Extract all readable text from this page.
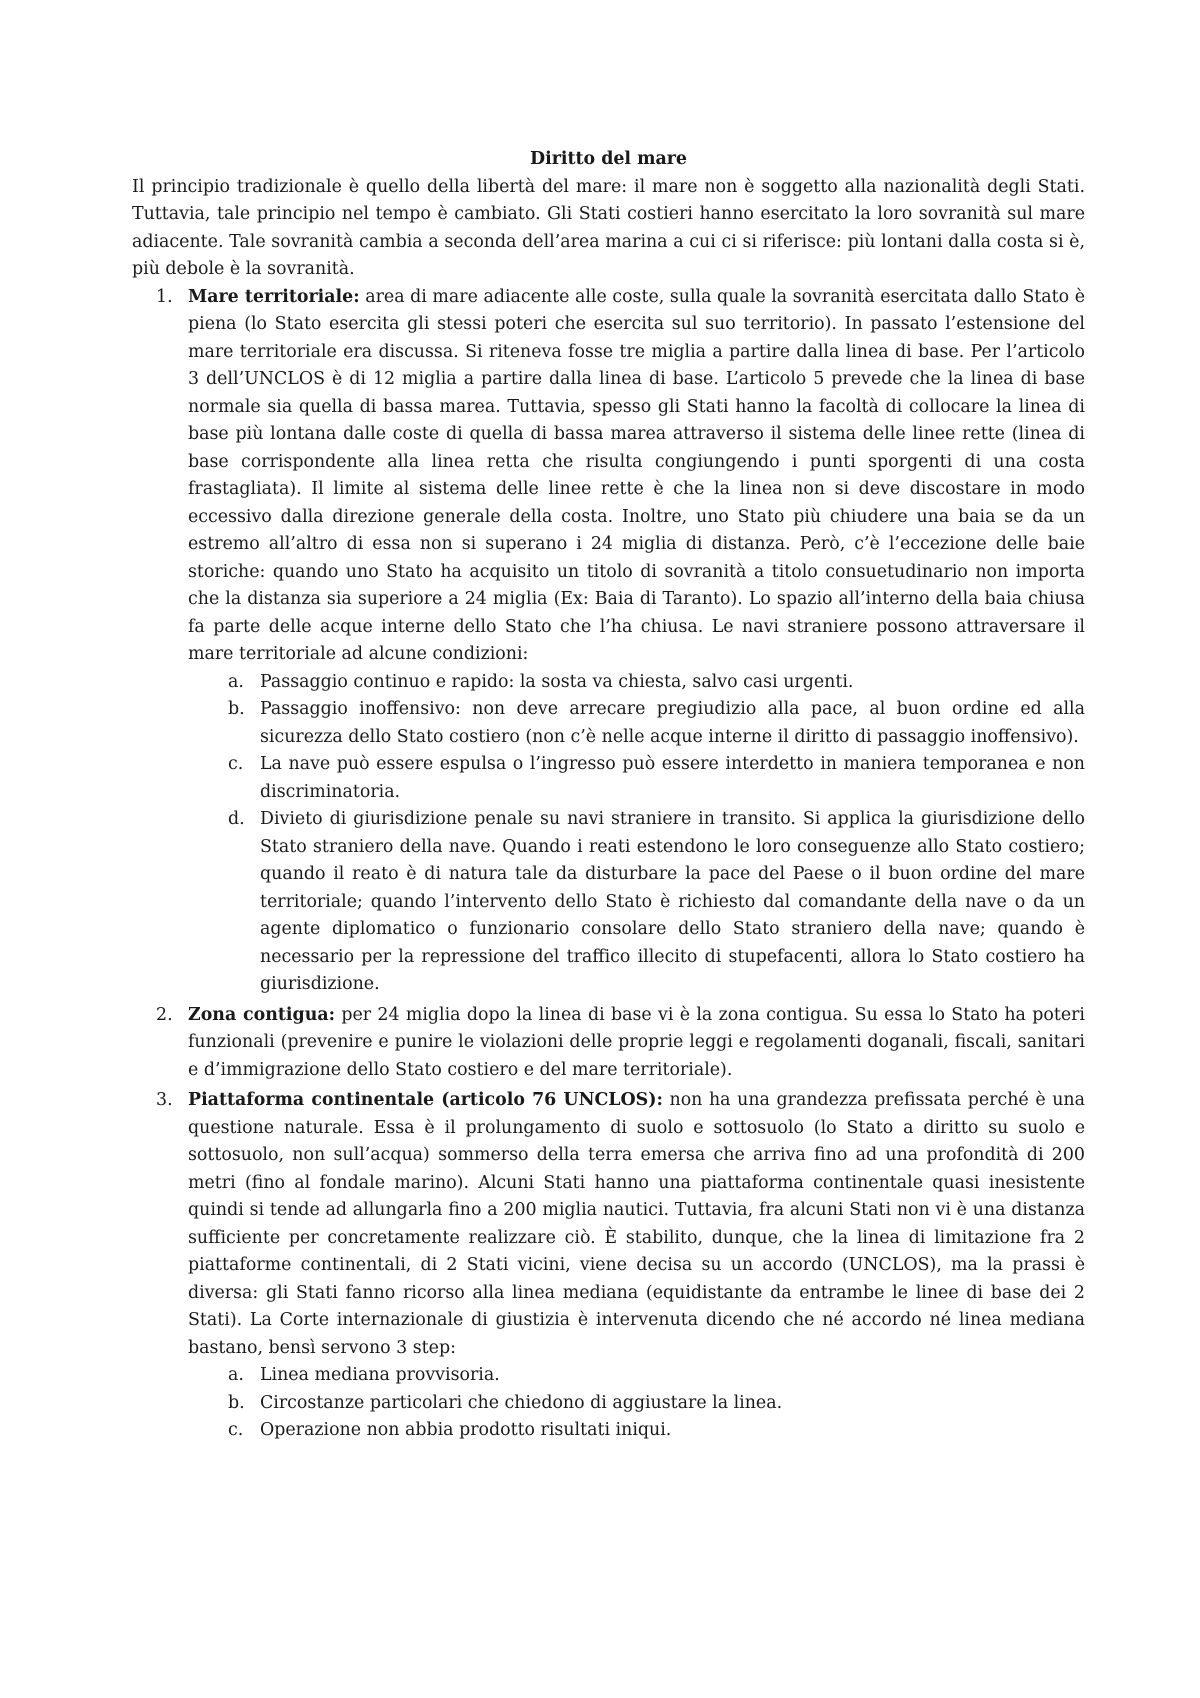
Diritto del mare

Il principio tradizionale è quello della libertà del mare: il mare non è soggetto alla nazionalità degli Stati. Tuttavia, tale principio nel tempo è cambiato. Gli Stati costieri hanno esercitato la loro sovranità sul mare adiacente. Tale sovranità cambia a seconda dell’area marina a cui ci si riferisce: più lontani dalla costa si è, più debole è la sovranità.

1. Mare territoriale: area di mare adiacente alle coste, sulla quale la sovranità esercitata dallo Stato è piena (lo Stato esercita gli stessi poteri che esercita sul suo territorio). In passato l’estensione del mare territoriale era discussa. Si riteneva fosse tre miglia a partire dalla linea di base. Per l’articolo 3 dell’UNCLOS è di 12 miglia a partire dalla linea di base. L’articolo 5 prevede che la linea di base normale sia quella di bassa marea. Tuttavia, spesso gli Stati hanno la facoltà di collocare la linea di base più lontana dalle coste di quella di bassa marea attraverso il sistema delle linee rette (linea di base corrispondente alla linea retta che risulta congiungendo i punti sporgenti di una costa frastagliata). Il limite al sistema delle linee rette è che la linea non si deve discostare in modo eccessivo dalla direzione generale della costa. Inoltre, uno Stato più chiudere una baia se da un estremo all’altro di essa non si superano i 24 miglia di distanza. Però, c’è l’eccezione delle baie storiche: quando uno Stato ha acquisito un titolo di sovranità a titolo consuetudinario non importa che la distanza sia superiore a 24 miglia (Ex: Baia di Taranto). Lo spazio all’interno della baia chiusa fa parte delle acque interne dello Stato che l’ha chiusa. Le navi straniere possono attraversare il mare territoriale ad alcune condizioni:
a. Passaggio continuo e rapido: la sosta va chiesta, salvo casi urgenti.
b. Passaggio inoffensivo: non deve arrecare pregiudizio alla pace, al buon ordine ed alla sicurezza dello Stato costiero (non c’è nelle acque interne il diritto di passaggio inoffensivo).
c. La nave può essere espulsa o l’ingresso può essere interdetto in maniera temporanea e non discriminatoria.
d. Divieto di giurisdizione penale su navi straniere in transito. Si applica la giurisdizione dello Stato straniero della nave. Quando i reati estendono le loro conseguenze allo Stato costiero; quando il reato è di natura tale da disturbare la pace del Paese o il buon ordine del mare territoriale; quando l’intervento dello Stato è richiesto dal comandante della nave o da un agente diplomatico o funzionario consolare dello Stato straniero della nave; quando è necessario per la repressione del traffico illecito di stupefacenti, allora lo Stato costiero ha giurisdizione.
2. Zona contigua: per 24 miglia dopo la linea di base vi è la zona contigua. Su essa lo Stato ha poteri funzionali (prevenire e punire le violazioni delle proprie leggi e regolamenti doganali, fiscali, sanitari e d’immigrazione dello Stato costiero e del mare territoriale).
3. Piattaforma continentale (articolo 76 UNCLOS): non ha una grandezza prefissata perché è una questione naturale. Essa è il prolungamento di suolo e sottosuolo (lo Stato a diritto su suolo e sottosuolo, non sull’acqua) sommerso della terra emersa che arriva fino ad una profondità di 200 metri (fino al fondale marino). Alcuni Stati hanno una piattaforma continentale quasi inesistente quindi si tende ad allungarla fino a 200 miglia nautici. Tuttavia, fra alcuni Stati non vi è una distanza sufficiente per concretamente realizzare ciò. È stabilito, dunque, che la linea di limitazione fra 2 piattaforme continentali, di 2 Stati vicini, viene decisa su un accordo (UNCLOS), ma la prassi è diversa: gli Stati fanno ricorso alla linea mediana (equidistante da entrambe le linee di base dei 2 Stati). La Corte internazionale di giustizia è intervenuta dicendo che né accordo né linea mediana bastano, bensì servono 3 step:
a. Linea mediana provvisoria.
b. Circostanze particolari che chiedono di aggiustare la linea.
c. Operazione non abbia prodotto risultati iniqui.
